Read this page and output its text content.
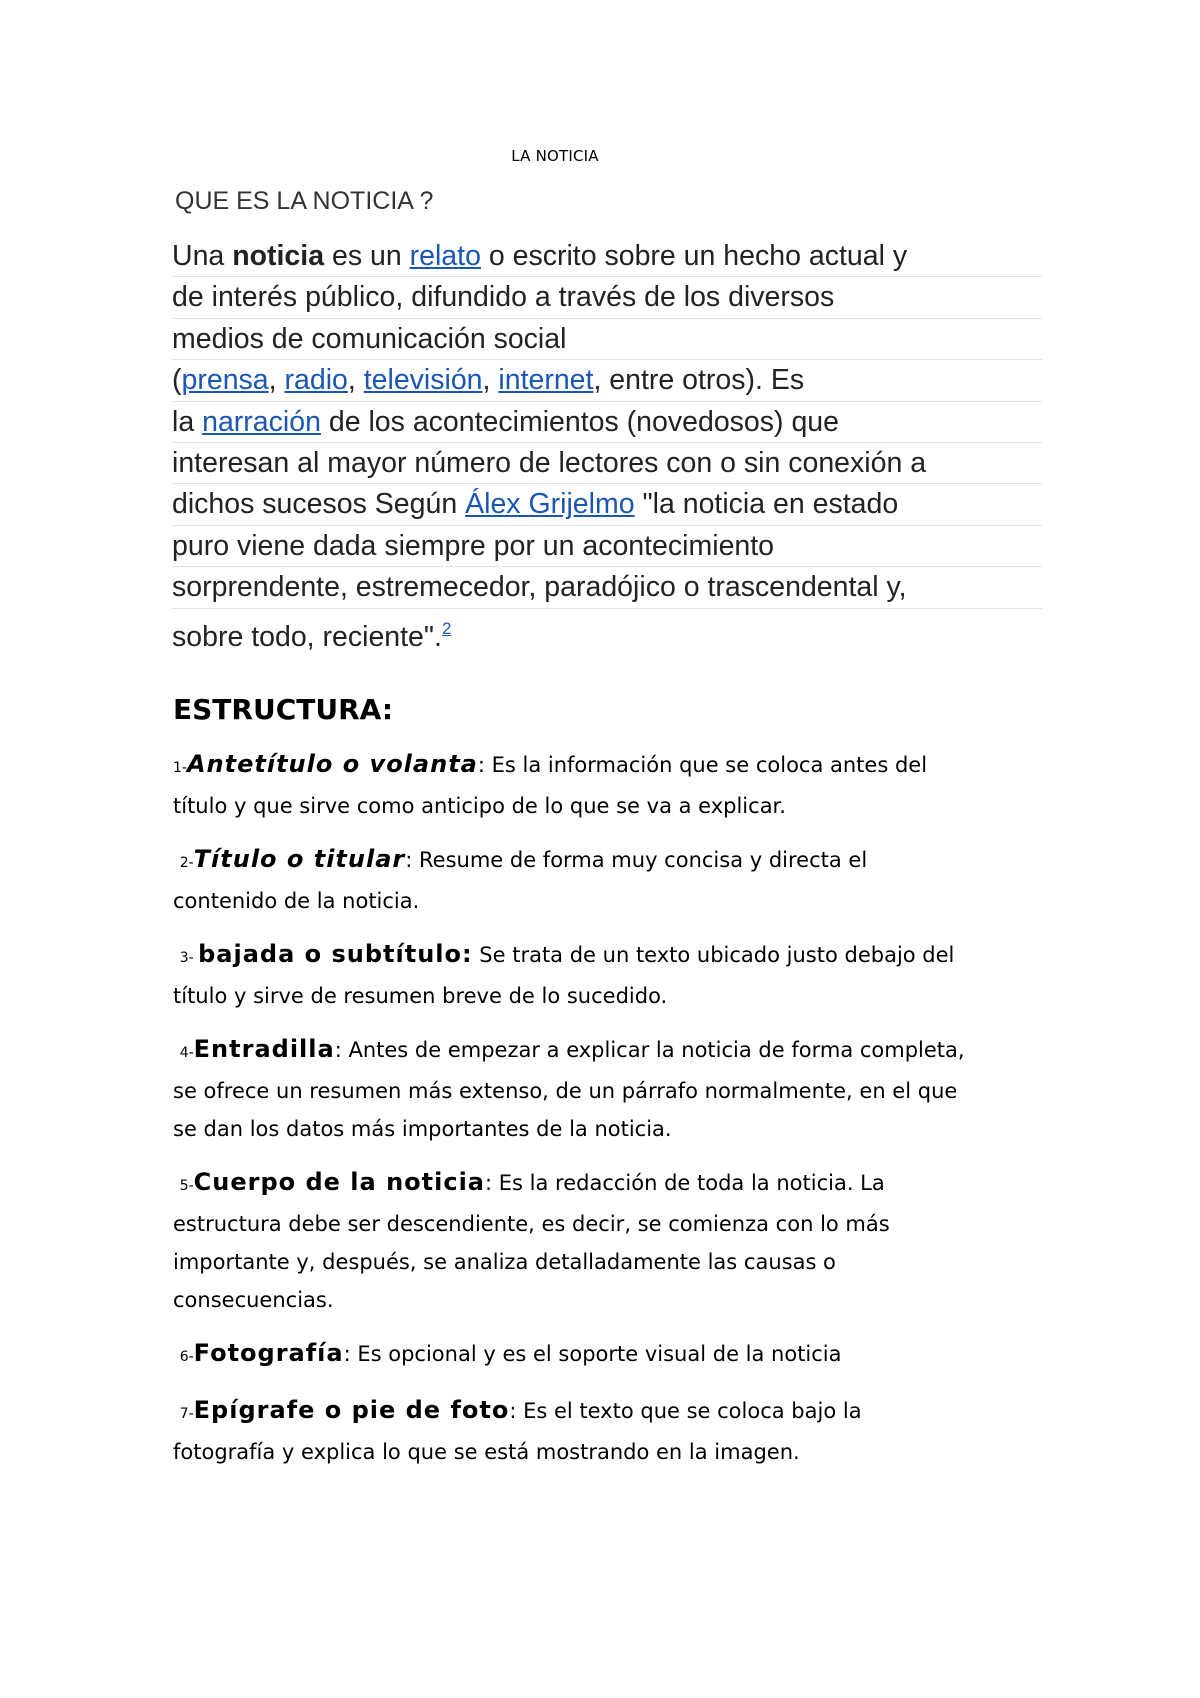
LA NOTICIA
QUE ES LA NOTICIA ?
Una noticia es un relato o escrito sobre un hecho actual y
de interés público, difundido a través de los diversos
medios de comunicación social
(prensa, radio, televisión, internet, entre otros). Es
la narración de los acontecimientos (novedosos) que
interesan al mayor número de lectores con o sin conexión a
dichos sucesos Según Álex Grijelmo "la noticia en estado
puro viene dada siempre por un acontecimiento
sorprendente, estremecedor, paradójico o trascendental y,
sobre todo, reciente".$^2$
ESTRUCTURA:
1-Antetítulo o volanta: Es la información que se coloca antes del
título y que sirve como anticipo de lo que se va a explicar.
2-Título o titular: Resume de forma muy concisa y directa el
contenido de la noticia.
3- bajada o subtítulo: Se trata de un texto ubicado justo debajo del
título y sirve de resumen breve de lo sucedido.
4-Entradilla: Antes de empezar a explicar la noticia de forma completa,
se ofrece un resumen más extenso, de un párrafo normalmente, en el que
se dan los datos más importantes de la noticia.
5-Cuerpo de la noticia: Es la redacción de toda la noticia. La
estructura debe ser descendiente, es decir, se comienza con lo más
importante y, después, se analiza detalladamente las causas o
consecuencias.
6-Fotografía: Es opcional y es el soporte visual de la noticia
7-Epígrafe o pie de foto: Es el texto que se coloca bajo la
fotografía y explica lo que se está mostrando en la imagen.
